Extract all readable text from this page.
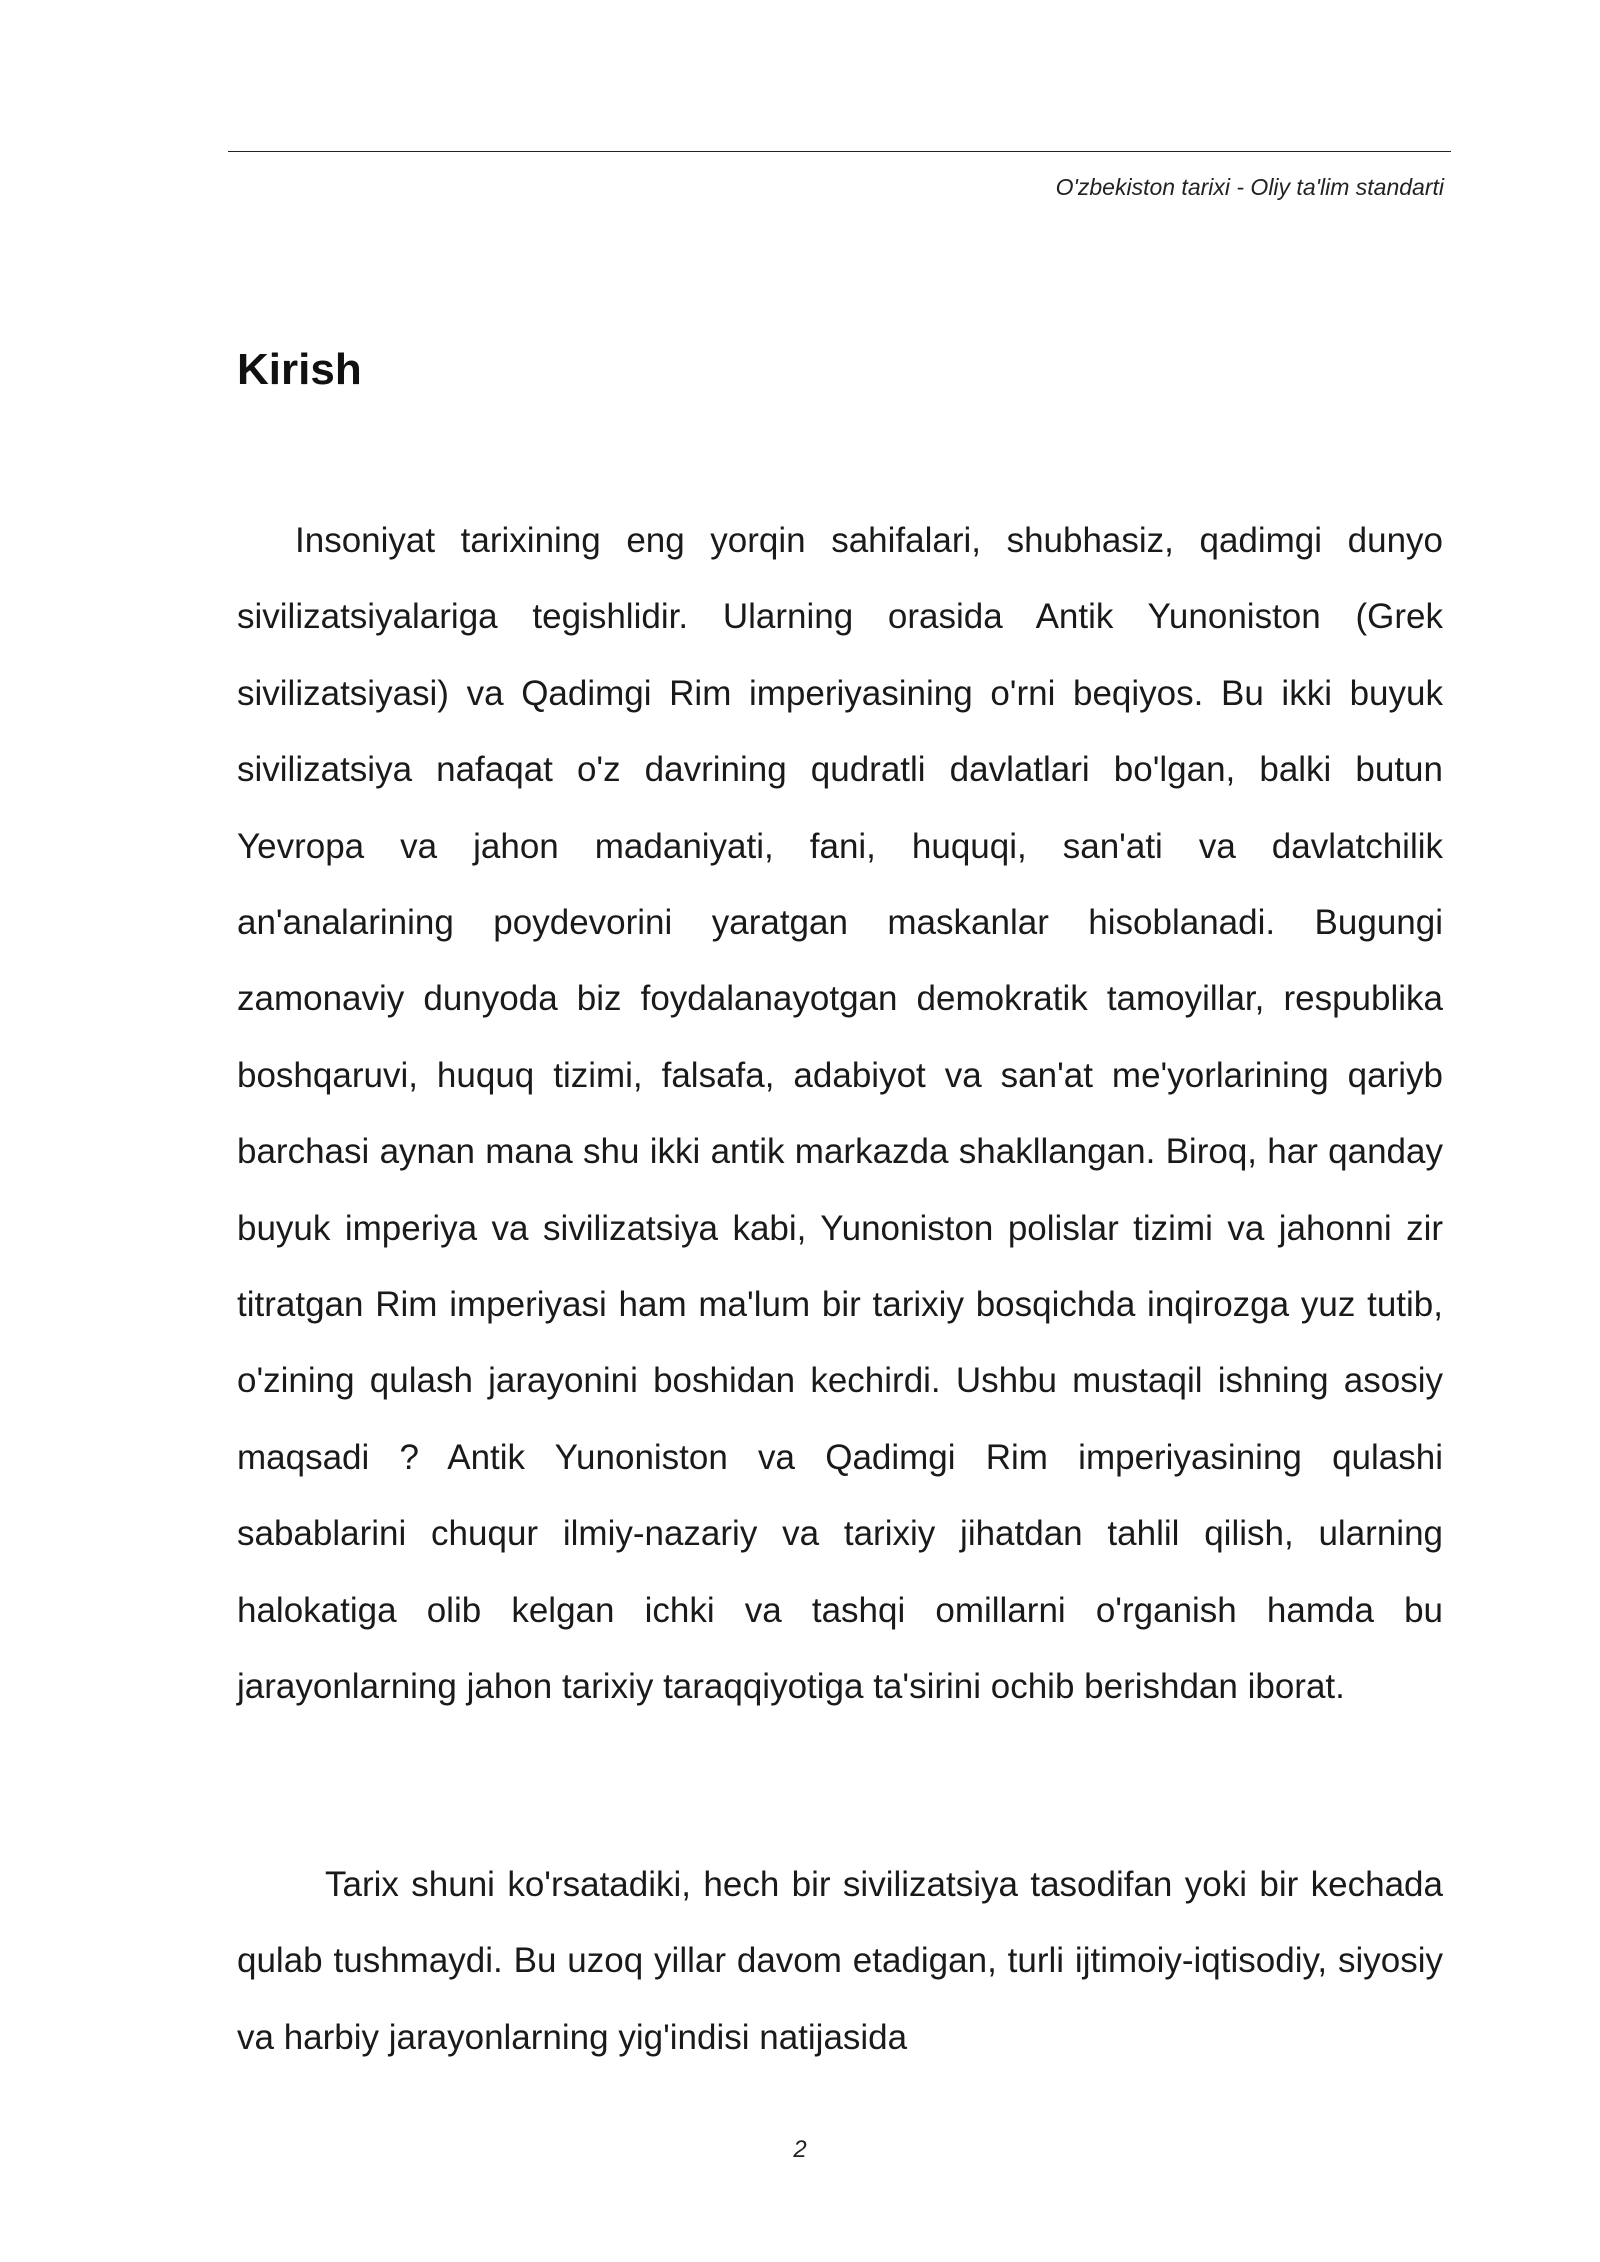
O'zbekiston tarixi - Oliy ta'lim standarti
Kirish

Insoniyat tarixining eng yorqin sahifalari, shubhasiz, qadimgi dunyo sivilizatsiyalariga tegishlidir. Ularning orasida Antik Yunoniston (Grek sivilizatsiyasi) va Qadimgi Rim imperiyasining o'rni beqiyos. Bu ikki buyuk sivilizatsiya nafaqat o'z davrining qudratli davlatlari bo'lgan, balki butun Yevropa va jahon madaniyati, fani, huquqi, san'ati va davlatchilik an'analarining poydevorini yaratgan maskanlar hisoblanadi. Bugungi zamonaviy dunyoda biz foydalanayotgan demokratik tamoyillar, respublika boshqaruvi, huquq tizimi, falsafa, adabiyot va san'at me'yorlarining qariyb barchasi aynan mana shu ikki antik markazda shakllangan. Biroq, har qanday buyuk imperiya va sivilizatsiya kabi, Yunoniston polislar tizimi va jahonni zir titratgan Rim imperiyasi ham ma'lum bir tarixiy bosqichda inqirozga yuz tutib, o'zining qulash jarayonini boshidan kechirdi. Ushbu mustaqil ishning asosiy maqsadi ? Antik Yunoniston va Qadimgi Rim imperiyasining qulashi sabablarini chuqur ilmiy-nazariy va tarixiy jihatdan tahlil qilish, ularning halokatiga olib kelgan ichki va tashqi omillarni o'rganish hamda bu jarayonlarning jahon tarixiy taraqqiyotiga ta'sirini ochib berishdan iborat.

Tarix shuni ko'rsatadiki, hech bir sivilizatsiya tasodifan yoki bir kechada qulab tushmaydi. Bu uzoq yillar davom etadigan, turli ijtimoiy-iqtisodiy, siyosiy va harbiy jarayonlarning yig'indisi natijasida

2
